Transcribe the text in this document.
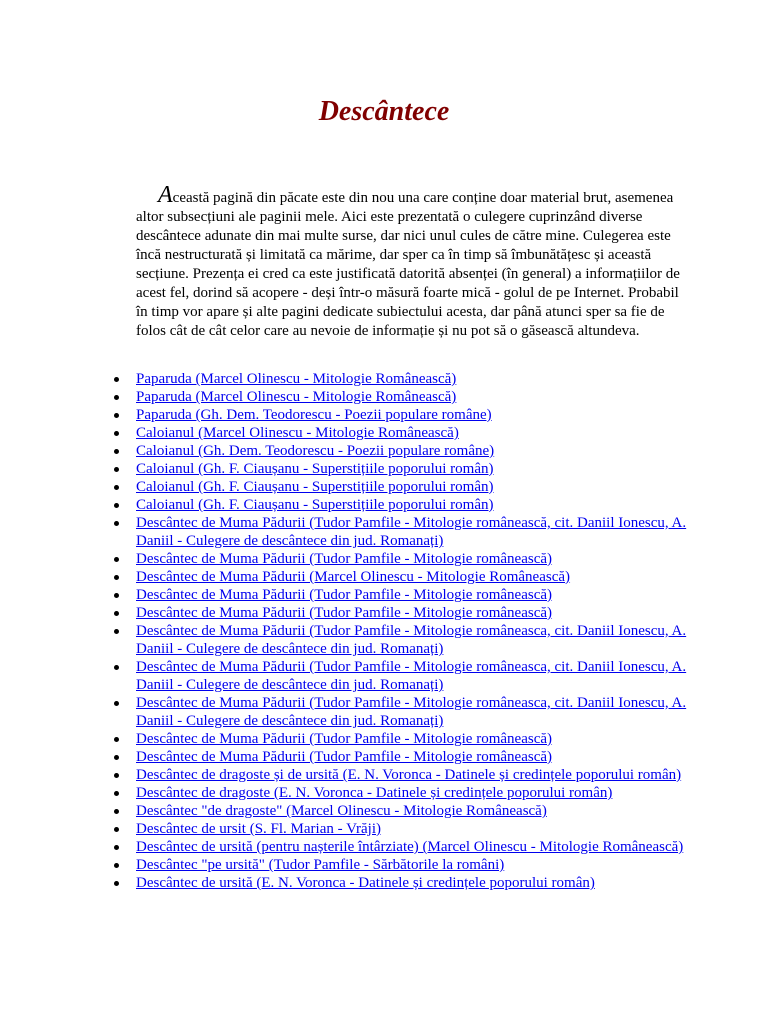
Descântece

Această pagină din păcate este din nou una care conține doar material brut, asemenea altor subsecțiuni ale paginii mele. Aici este prezentată o culegere cuprinzând diverse descântece adunate din mai multe surse, dar nici unul cules de către mine. Culegerea este încă nestructurată și limitată ca mărime, dar sper ca în timp să îmbunătățesc și această secțiune. Prezența ei cred ca este justificată datorită absenței (în general) a informațiilor de acest fel, dorind să acopere - deși într-o măsură foarte mică - golul de pe Internet. Probabil în timp vor apare și alte pagini dedicate subiectului acesta, dar până atunci sper sa fie de folos cât de cât celor care au nevoie de informație și nu pot să o găsească altundeva.

Paparuda (Marcel Olinescu - Mitologie Românească)
Paparuda (Marcel Olinescu - Mitologie Românească)
Paparuda (Gh. Dem. Teodorescu - Poezii populare române)
Caloianul (Marcel Olinescu - Mitologie Românească)
Caloianul (Gh. Dem. Teodorescu - Poezii populare române)
Caloianul (Gh. F. Ciaușanu - Superstițiile poporului român)
Caloianul (Gh. F. Ciaușanu - Superstițiile poporului român)
Caloianul (Gh. F. Ciaușanu - Superstițiile poporului român)
Descântec de Muma Pădurii (Tudor Pamfile - Mitologie românească, cit. Daniil Ionescu, A. Daniil - Culegere de descântece din jud. Romanați)
Descântec de Muma Pădurii (Tudor Pamfile - Mitologie românească)
Descântec de Muma Pădurii (Marcel Olinescu - Mitologie Românească)
Descântec de Muma Pădurii (Tudor Pamfile - Mitologie românească)
Descântec de Muma Pădurii (Tudor Pamfile - Mitologie românească)
Descântec de Muma Pădurii (Tudor Pamfile - Mitologie româneasca, cit. Daniil Ionescu, A. Daniil - Culegere de descântece din jud. Romanați)
Descântec de Muma Pădurii (Tudor Pamfile - Mitologie româneasca, cit. Daniil Ionescu, A. Daniil - Culegere de descântece din jud. Romanați)
Descântec de Muma Pădurii (Tudor Pamfile - Mitologie româneasca, cit. Daniil Ionescu, A. Daniil - Culegere de descântece din jud. Romanați)
Descântec de Muma Pădurii (Tudor Pamfile - Mitologie românească)
Descântec de Muma Pădurii (Tudor Pamfile - Mitologie românească)
Descântec de dragoste și de ursită (E. N. Voronca - Datinele și credințele poporului român)
Descântec de dragoste (E. N. Voronca - Datinele și credințele poporului român)
Descântec "de dragoste" (Marcel Olinescu - Mitologie Românească)
Descântec de ursit (S. Fl. Marian - Vrăji)
Descântec de ursită (pentru nașterile întârziate) (Marcel Olinescu - Mitologie Românească)
Descântec "pe ursită" (Tudor Pamfile - Sărbătorile la români)
Descântec de ursită (E. N. Voronca - Datinele și credințele poporului român)
